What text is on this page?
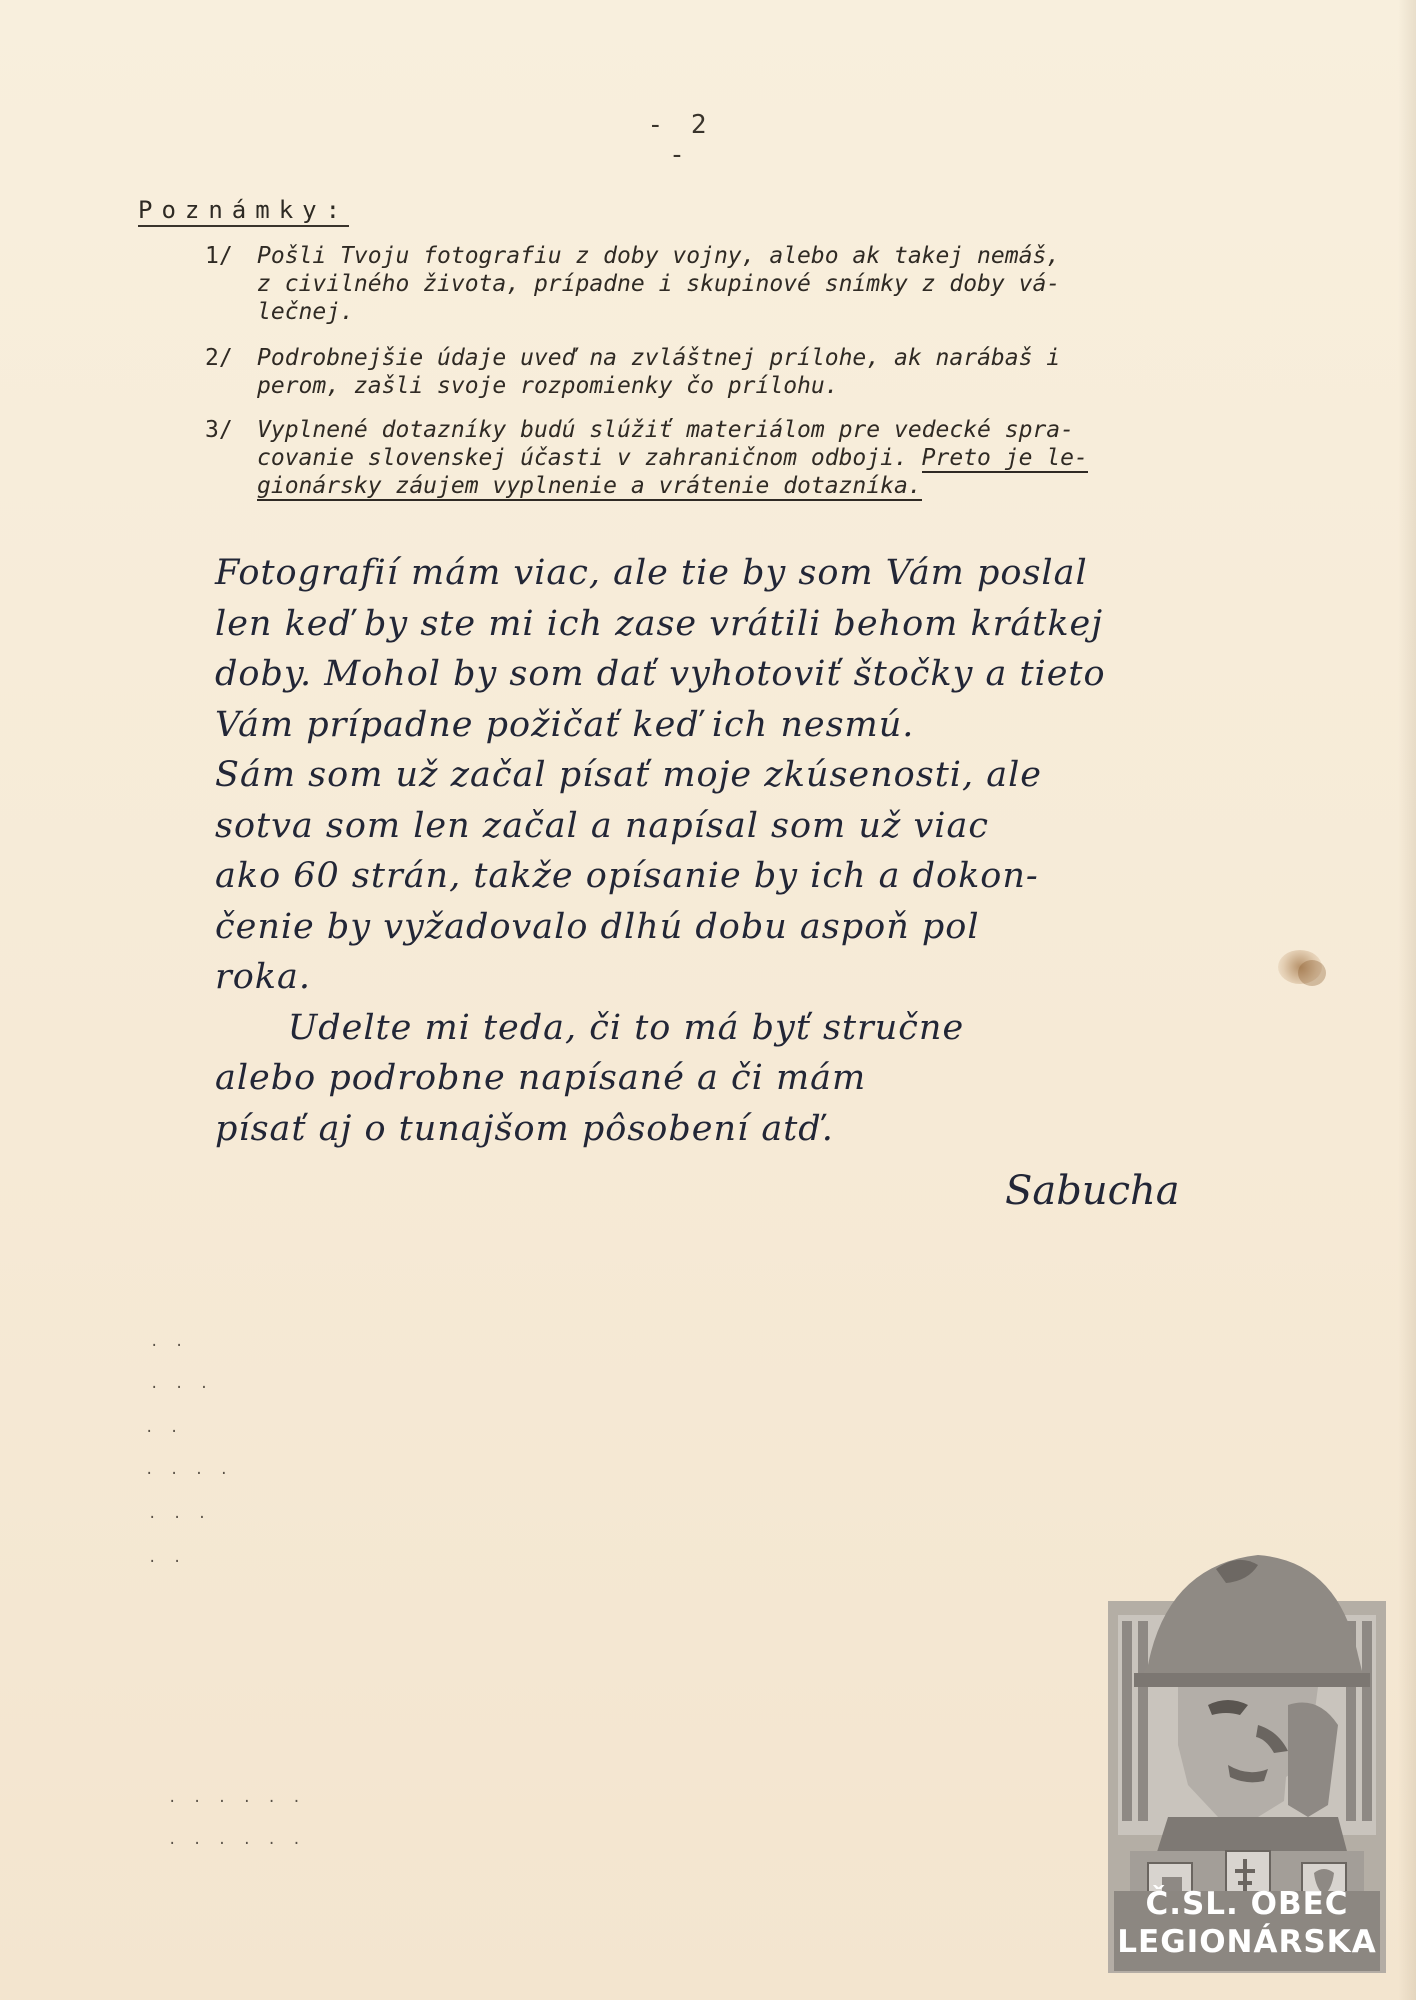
- 2 -
Poznámky:
1/ Pošli Tvoju fotografiu z doby vojny, alebo ak takej nemáš,
z civilného života, prípadne i skupinové snímky z doby vá-
lečnej.
2/ Podrobnejšie údaje uveď na zvláštnej prílohe, ak narábaš i
perom, zašli svoje rozpomienky čo prílohu.
3/ Vyplnené dotazníky budú slúžiť materiálom pre vedecké spra-
covanie slovenskej účasti v zahraničnom odboji. Preto je le-
gionársky záujem vyplnenie a vrátenie dotazníka.
Fotografií mám viac, ale tie by som Vám poslal
len keď by ste mi ich zase vrátili behom krátkej
doby. Mohol by som dať vyhotoviť štočky a tieto
Vám prípadne požičať keď ich nesmú.
Sám som už začal písať moje zkúsenosti, ale
sotva som len začal a napísal som už viac
ako 60 strán, takže opísanie by ich a dokon-
čenie by vyžadovalo dlhú dobu aspoň pol
roka.
Udelte mi teda, či to má byť stručne
alebo podrobne napísané a či mám
písať aj o tunajšom pôsobení atď.
Sabucha
. .
. . .
. .
. . . .
. . .
. .
. . . . . .
. . . . . .
Č.SL. OBEC
LEGIONÁRSKA
